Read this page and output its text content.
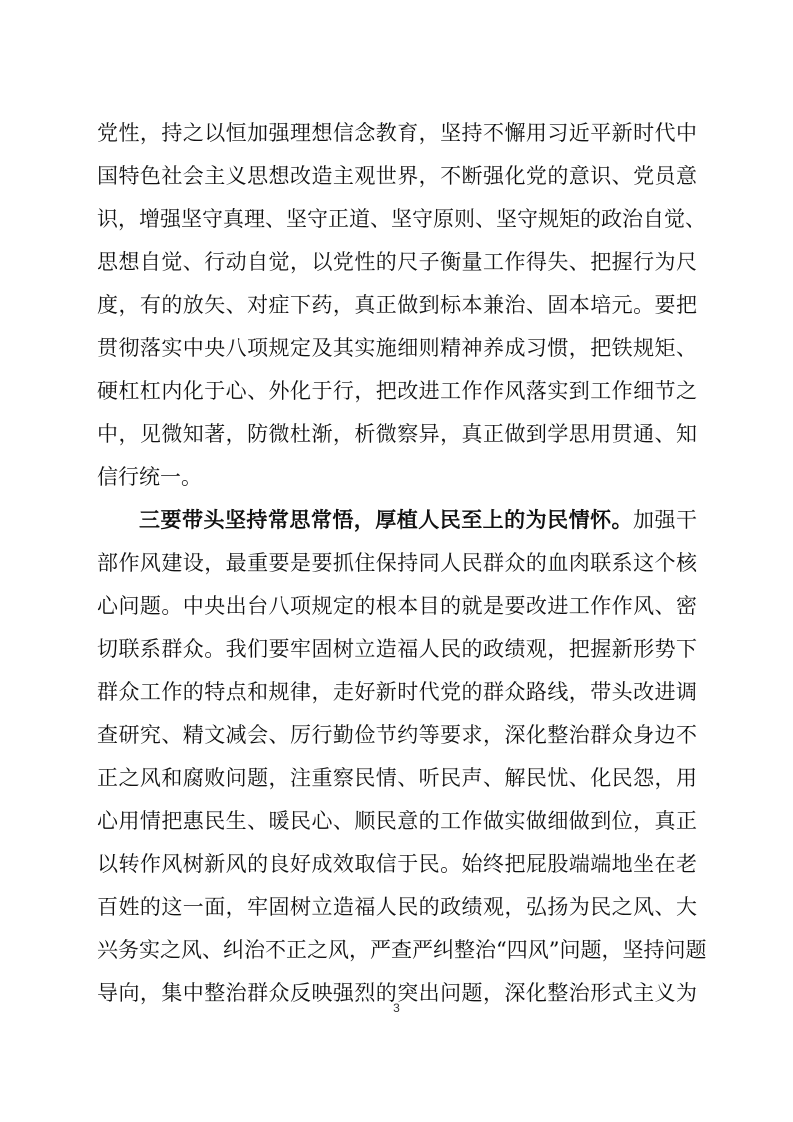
党性，持之以恒加强理想信念教育，坚持不懈用习近平新时代中
国特色社会主义思想改造主观世界，不断强化党的意识、党员意
识，增强坚守真理、坚守正道、坚守原则、坚守规矩的政治自觉、
思想自觉、行动自觉，以党性的尺子衡量工作得失、把握行为尺
度，有的放矢、对症下药，真正做到标本兼治、固本培元。要把
贯彻落实中央八项规定及其实施细则精神养成习惯，把铁规矩、
硬杠杠内化于心、外化于行，把改进工作作风落实到工作细节之
中，见微知著，防微杜渐，析微察异，真正做到学思用贯通、知
信行统一。
三要带头坚持常思常悟，厚植人民至上的为民情怀。加强干
部作风建设，最重要是要抓住保持同人民群众的血肉联系这个核
心问题。中央出台八项规定的根本目的就是要改进工作作风、密
切联系群众。我们要牢固树立造福人民的政绩观，把握新形势下
群众工作的特点和规律，走好新时代党的群众路线，带头改进调
查研究、精文减会、厉行勤俭节约等要求，深化整治群众身边不
正之风和腐败问题，注重察民情、听民声、解民忧、化民怨，用
心用情把惠民生、暖民心、顺民意的工作做实做细做到位，真正
以转作风树新风的良好成效取信于民。始终把屁股端端地坐在老
百姓的这一面，牢固树立造福人民的政绩观，弘扬为民之风、大
兴务实之风、纠治不正之风，严查严纠整治“四风”问题，坚持问题
导向，集中整治群众反映强烈的突出问题，深化整治形式主义为
3
